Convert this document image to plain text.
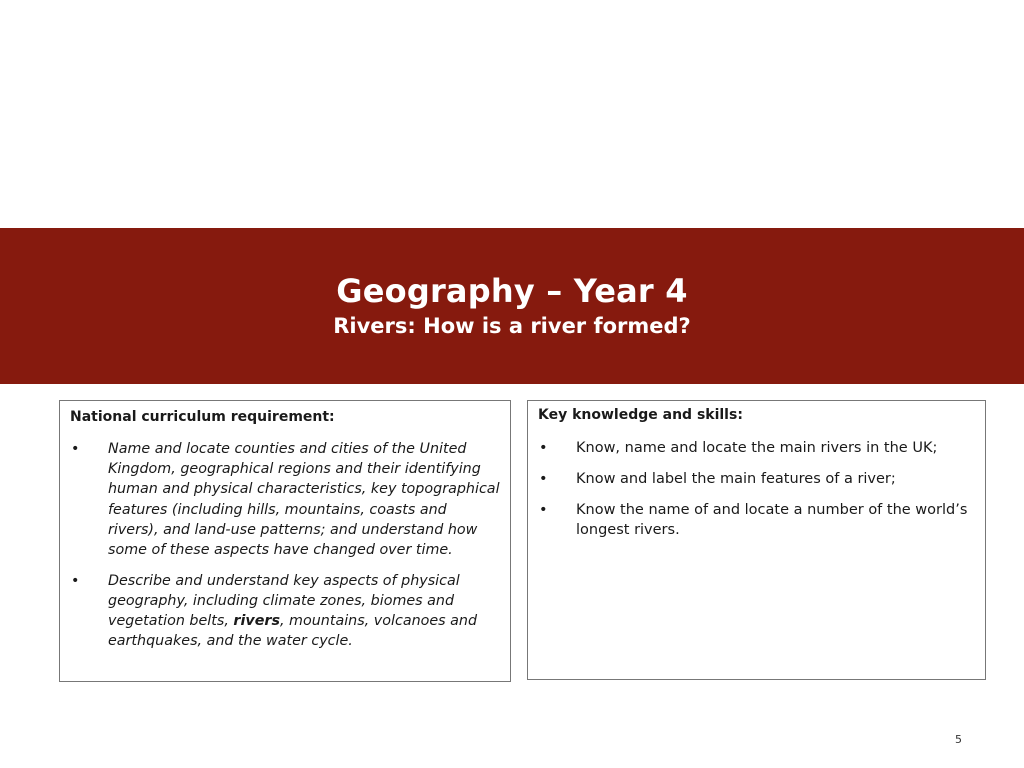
Geography – Year 4
Rivers: How is a river formed?
National curriculum requirement:
• Name and locate counties and cities of the United Kingdom, geographical regions and their identifying human and physical characteristics, key topographical features (including hills, mountains, coasts and rivers), and land-use patterns; and understand how some of these aspects have changed over time.
• Describe and understand key aspects of physical geography, including climate zones, biomes and vegetation belts, rivers, mountains, volcanoes and earthquakes, and the water cycle.
Key knowledge and skills:
• Know, name and locate the main rivers in the UK;
• Know and label the main features of a river;
• Know the name of and locate a number of the world’s longest rivers.
5
